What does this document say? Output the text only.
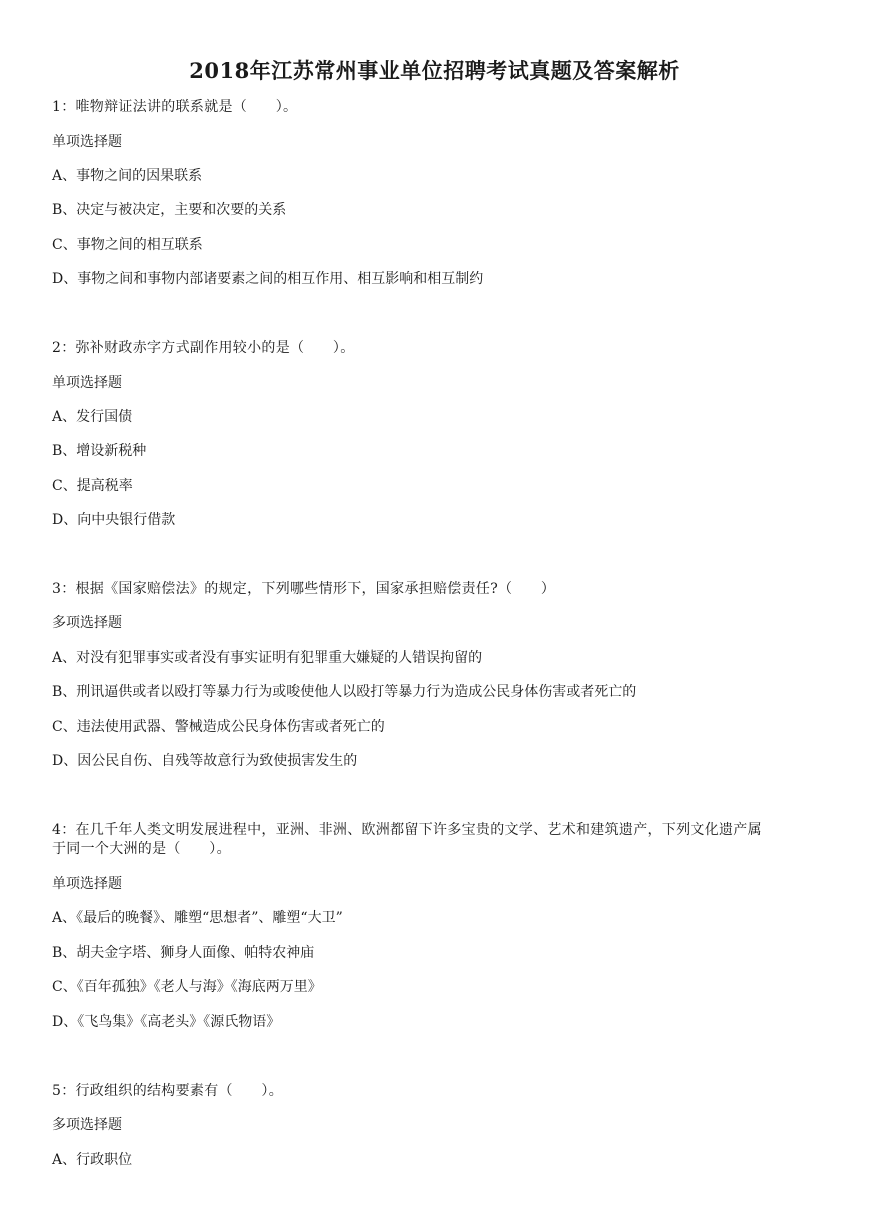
2018年江苏常州事业单位招聘考试真题及答案解析
1：唯物辩证法讲的联系就是（　　）。
单项选择题
A、事物之间的因果联系
B、决定与被决定，主要和次要的关系
C、事物之间的相互联系
D、事物之间和事物内部诸要素之间的相互作用、相互影响和相互制约
2：弥补财政赤字方式副作用较小的是（　　）。
单项选择题
A、发行国债
B、增设新税种
C、提高税率
D、向中央银行借款
3：根据《国家赔偿法》的规定，下列哪些情形下，国家承担赔偿责任?（　　）
多项选择题
A、对没有犯罪事实或者没有事实证明有犯罪重大嫌疑的人错误拘留的
B、刑讯逼供或者以殴打等暴力行为或唆使他人以殴打等暴力行为造成公民身体伤害或者死亡的
C、违法使用武器、警械造成公民身体伤害或者死亡的
D、因公民自伤、自残等故意行为致使损害发生的
4：在几千年人类文明发展进程中，亚洲、非洲、欧洲都留下许多宝贵的文学、艺术和建筑遗产，下列文化遗产属
于同一个大洲的是（　　）。
单项选择题
A、《最后的晚餐》、雕塑“思想者”、雕塑“大卫”
B、胡夫金字塔、狮身人面像、帕特农神庙
C、《百年孤独》《老人与海》《海底两万里》
D、《飞鸟集》《高老头》《源氏物语》
5：行政组织的结构要素有（　　）。
多项选择题
A、行政职位
